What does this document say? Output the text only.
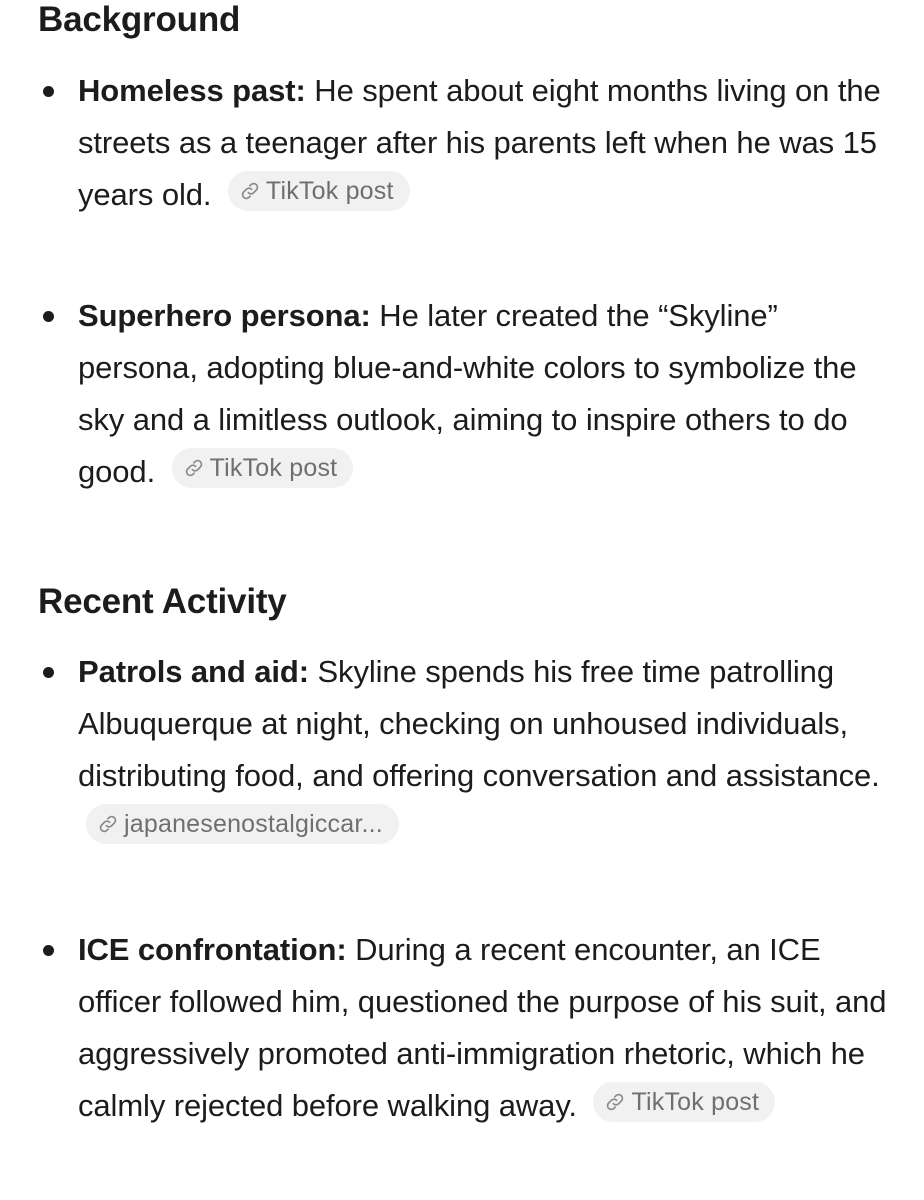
Background

Homeless past: He spent about eight months living on the streets as a teenager after his parents left when he was 15 years old. TikTok post

Superhero persona: He later created the “Skyline” persona, adopting blue-and-white colors to symbolize the sky and a limitless outlook, aiming to inspire others to do good. TikTok post

Recent Activity

Patrols and aid: Skyline spends his free time patrolling Albuquerque at night, checking on unhoused individuals, distributing food, and offering conversation and assistance.
japanesenostalgiccar...

ICE confrontation: During a recent encounter, an ICE officer followed him, questioned the purpose of his suit, and aggressively promoted anti-immigration rhetoric, which he calmly rejected before walking away. TikTok post
